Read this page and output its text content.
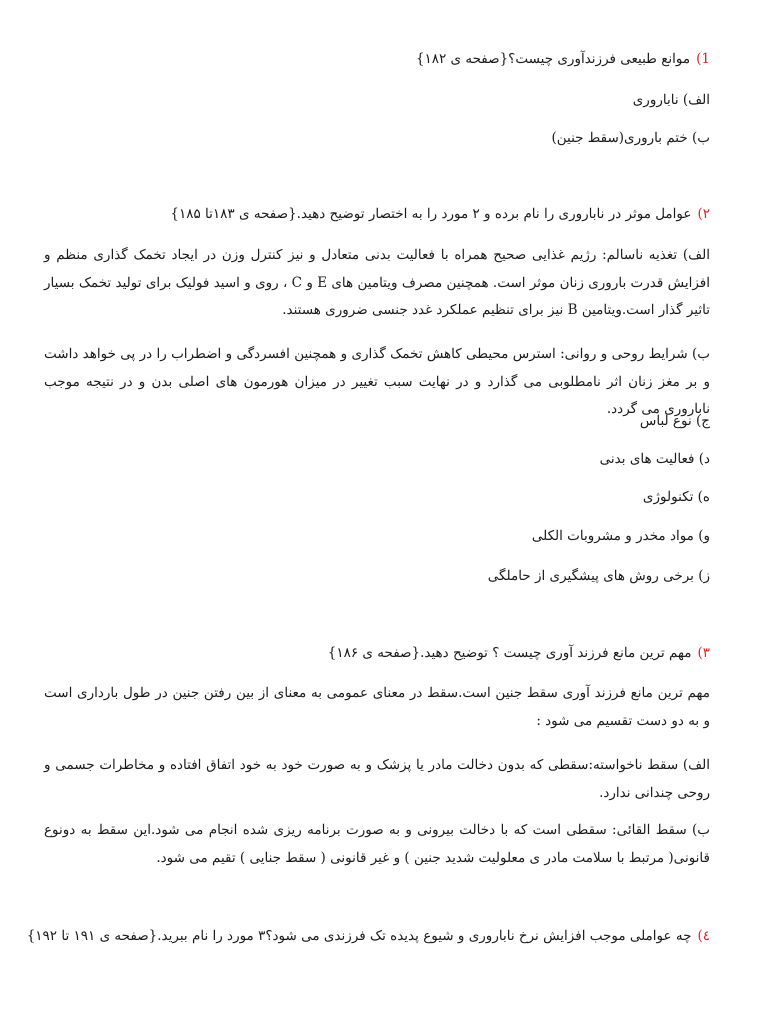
1)موانع طبیعی فرزندآوری چیست؟{صفحه ی ۱۸۲}
الف) ناباروری
ب) ختم باروری(سقط جنین)
۲)عوامل موثر در ناباروری را نام برده و ۲ مورد را به اختصار توضیح دهید.{صفحه ی ۱۸۳تا ۱۸۵}
الف) تغذیه ناسالم: رژیم غذایی صحیح همراه با فعالیت بدنی متعادل و نیز کنترل وزن در ایجاد تخمک گذاری منظم و افزایش قدرت باروری زنان موثر است. همچنین مصرف ویتامین های E و C ، روی و اسید فولیک برای تولید تخمک بسیار تاثیر گذار است.ویتامین B نیز برای تنظیم عملکرد غدد جنسی ضروری هستند.
ب) شرایط روحی و روانی: استرس محیطی کاهش تخمک گذاری و همچنین افسردگی و اضطراب را در پی خواهد داشت و بر مغز زنان اثر نامطلوبی می گذارد و در نهایت سبب تغییر در میزان هورمون های اصلی بدن و در نتیجه موجب ناباروری می گردد.
ج) نوع لباس
د) فعالیت های بدنی
ه) تکنولوژی
و) مواد مخدر و مشروبات الکلی
ز) برخی روش های پیشگیری از حاملگی
۳)مهم ترین مانع فرزند آوری چیست ؟ توضیح دهید.{صفحه ی ۱۸۶}
مهم ترین مانع فرزند آوری سقط جنین است.سقط در معنای عمومی به معنای از بین رفتن جنین در طول بارداری است و به دو دست تقسیم می شود :
الف) سقط ناخواسته:سقطی که بدون دخالت مادر یا پزشک و به صورت خود به خود اتفاق افتاده و مخاطرات جسمی و روحی چندانی ندارد.
ب) سقط القائی: سقطی است که با دخالت بیرونی و به صورت برنامه ریزی شده انجام می شود.این سقط به دونوع قانونی( مرتبط با سلامت مادر ی معلولیت شدید جنین ) و غیر قانونی ( سقط جنایی ) تقیم می شود.
٤)چه عواملی موجب افزایش نرخ ناباروری و شیوع پدیده تک فرزندی می شود؟۳ مورد را نام ببرید.{صفحه ی ۱۹۱ تا ۱۹۲}
